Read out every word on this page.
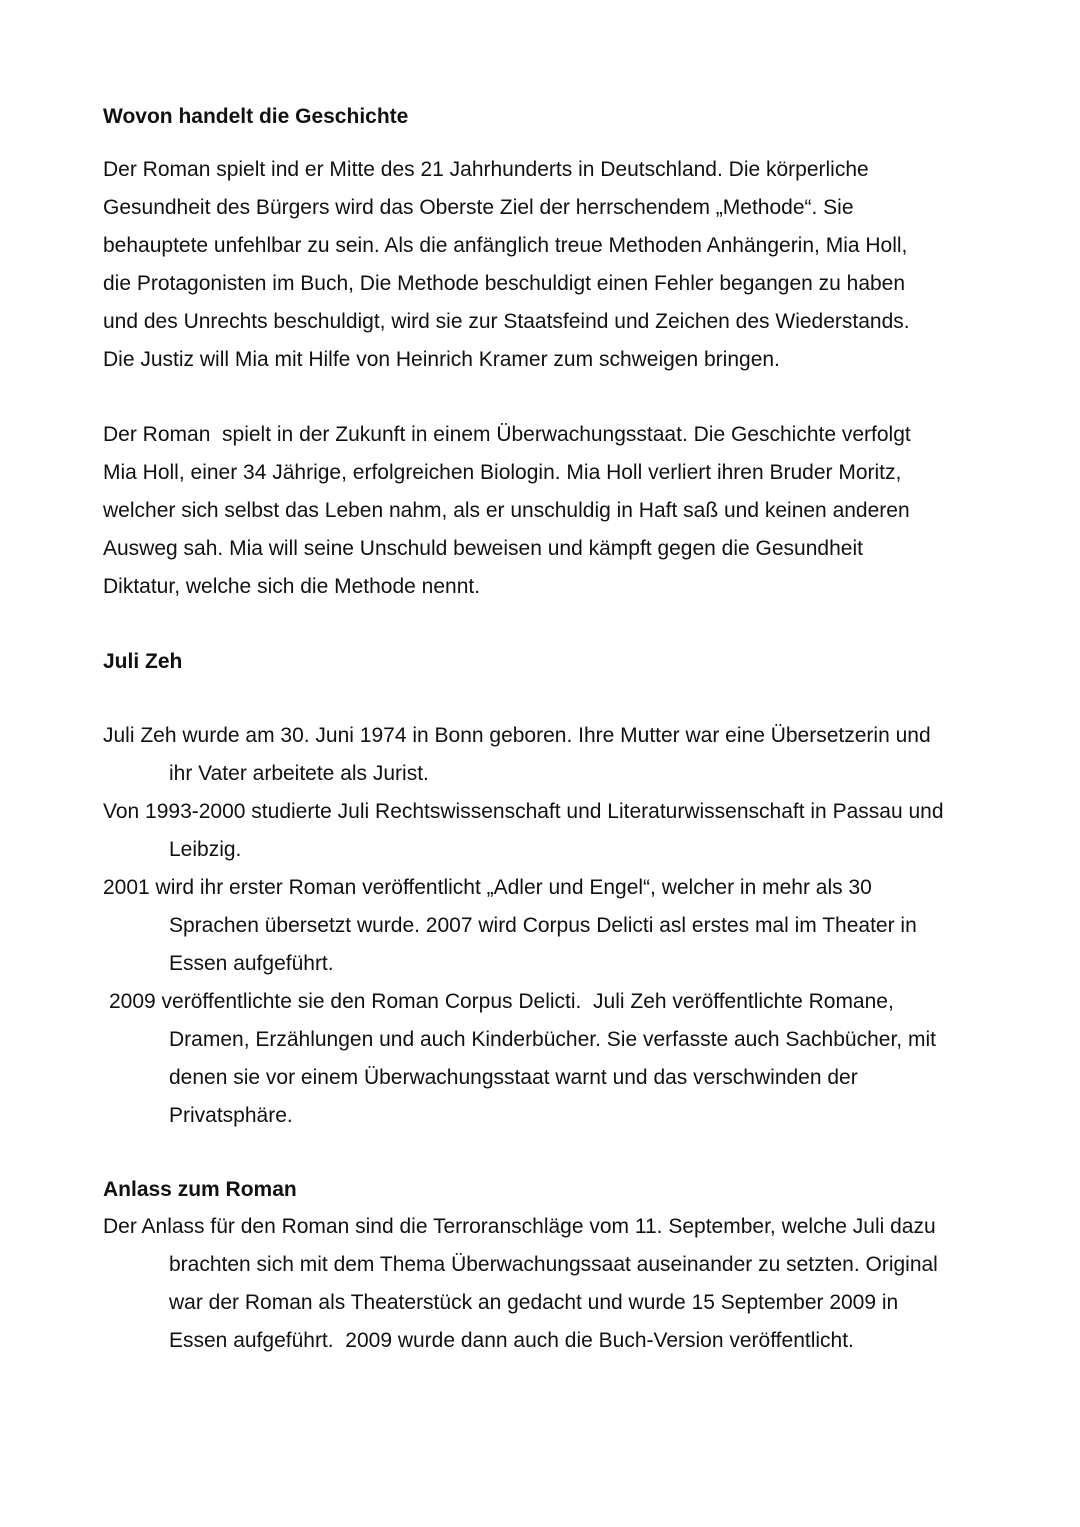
Wovon handelt die Geschichte
Der Roman spielt ind er Mitte des 21 Jahrhunderts in Deutschland. Die körperliche
Gesundheit des Bürgers wird das Oberste Ziel der herrschendem „Methode“. Sie
behauptete unfehlbar zu sein. Als die anfänglich treue Methoden Anhängerin, Mia Holl,
die Protagonisten im Buch, Die Methode beschuldigt einen Fehler begangen zu haben
und des Unrechts beschuldigt, wird sie zur Staatsfeind und Zeichen des Wiederstands.
Die Justiz will Mia mit Hilfe von Heinrich Kramer zum schweigen bringen.
Der Roman  spielt in der Zukunft in einem Überwachungsstaat. Die Geschichte verfolgt
Mia Holl, einer 34 Jährige, erfolgreichen Biologin. Mia Holl verliert ihren Bruder Moritz,
welcher sich selbst das Leben nahm, als er unschuldig in Haft saß und keinen anderen
Ausweg sah. Mia will seine Unschuld beweisen und kämpft gegen die Gesundheit
Diktatur, welche sich die Methode nennt.
Juli Zeh
Juli Zeh wurde am 30. Juni 1974 in Bonn geboren. Ihre Mutter war eine Übersetzerin und
ihr Vater arbeitete als Jurist.
Von 1993-2000 studierte Juli Rechtswissenschaft und Literaturwissenschaft in Passau und
Leibzig.
2001 wird ihr erster Roman veröffentlicht „Adler und Engel“, welcher in mehr als 30
Sprachen übersetzt wurde. 2007 wird Corpus Delicti asl erstes mal im Theater in
Essen aufgeführt.
2009 veröffentlichte sie den Roman Corpus Delicti.  Juli Zeh veröffentlichte Romane,
Dramen, Erzählungen und auch Kinderbücher. Sie verfasste auch Sachbücher, mit
denen sie vor einem Überwachungsstaat warnt und das verschwinden der
Privatsphäre.
Anlass zum Roman
Der Anlass für den Roman sind die Terroranschläge vom 11. September, welche Juli dazu
brachten sich mit dem Thema Überwachungssaat auseinander zu setzten. Original
war der Roman als Theaterstück an gedacht und wurde 15 September 2009 in
Essen aufgeführt.  2009 wurde dann auch die Buch-Version veröffentlicht.
